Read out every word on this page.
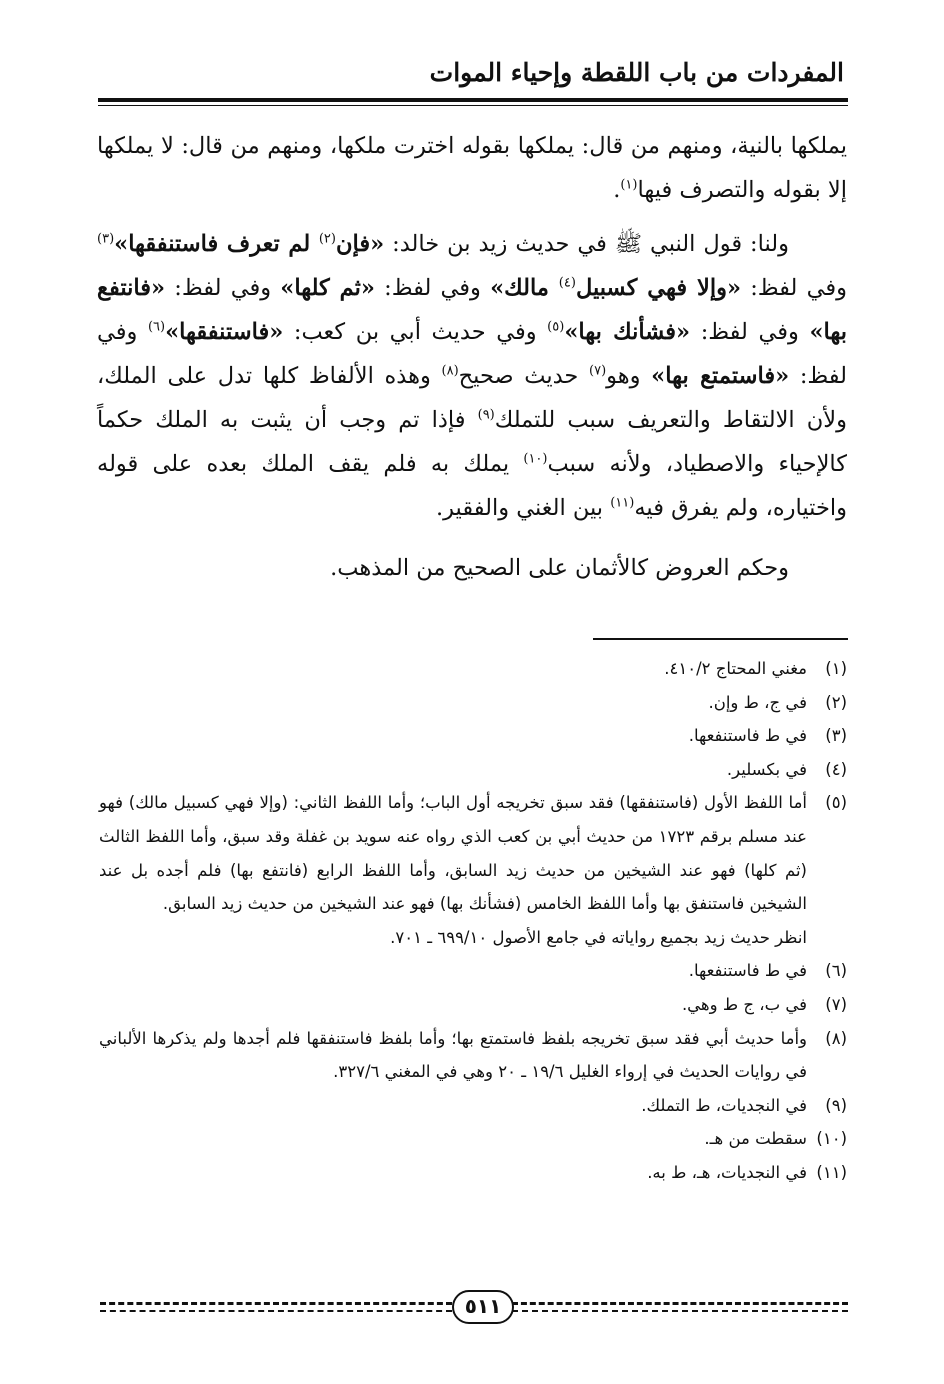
المفردات من باب اللقطة وإحياء الموات

يملكها بالنية، ومنهم من قال: يملكها بقوله اخترت ملكها، ومنهم من قال: لا يملكها إلا بقوله والتصرف فيها$^{(١)}$.

ولنا: قول النبي ﷺ في حديث زيد بن خالد: «فإن$^{(٢)}$ لم تعرف فاستنفقها»$^{(٣)}$ وفي لفظ: «وإلا فهي كسبيل$^{(٤)}$ مالك» وفي لفظ: «ثم كلها» وفي لفظ: «فانتفع بها» وفي لفظ: «فشأنك بها»$^{(٥)}$ وفي حديث أبي بن كعب: «فاستنفقها»$^{(٦)}$ وفي لفظ: «فاستمتع بها» وهو$^{(٧)}$ حديث صحيح$^{(٨)}$ وهذه الألفاظ كلها تدل على الملك، ولأن الالتقاط والتعريف سبب للتملك$^{(٩)}$ فإذا تم وجب أن يثبت به الملك حكماً كالإحياء والاصطياد، ولأنه سبب$^{(١٠)}$ يملك به فلم يقف الملك بعده على قوله واختياره، ولم يفرق فيه$^{(١١)}$ بين الغني والفقير.

وحكم العروض كالأثمان على الصحيح من المذهب.

(١)
مغني المحتاج ٤١٠/٢.
(٢)
في ج، ط وإن.
(٣)
في ط فاستنفعها.
(٤)
في بكسلير.
(٥)
أما اللفظ الأول (فاستنفقها) فقد سبق تخريجه أول الباب؛ وأما اللفظ الثاني: (وإلا فهي كسبيل مالك) فهو عند مسلم برقم ١٧٢٣ من حديث أبي بن كعب الذي رواه عنه سويد بن غفلة وقد سبق، وأما اللفظ الثالث (ثم كلها) فهو عند الشيخين من حديث زيد السابق، وأما اللفظ الرابع (فانتفع بها) فلم أجده بل عند الشيخين فاستنفق بها وأما اللفظ الخامس (فشأنك بها) فهو عند الشيخين من حديث زيد السابق.
انظر حديث زيد بجميع رواياته في جامع الأصول ٦٩٩/١٠ ـ ٧٠١.
(٦)
في ط فاستنفعها.
(٧)
في ب، ج ط وهي.
(٨)
وأما حديث أبي فقد سبق تخريجه بلفظ فاستمتع بها؛ وأما بلفظ فاستنفقها فلم أجدها ولم يذكرها الألباني في روايات الحديث في إرواء الغليل ١٩/٦ ـ ٢٠ وهي في المغني ٣٢٧/٦.
(٩)
في النجديات، ط التملك.
(١٠)
سقطت من هـ.
(١١)
في النجديات، هـ، ط به.
٥١١
